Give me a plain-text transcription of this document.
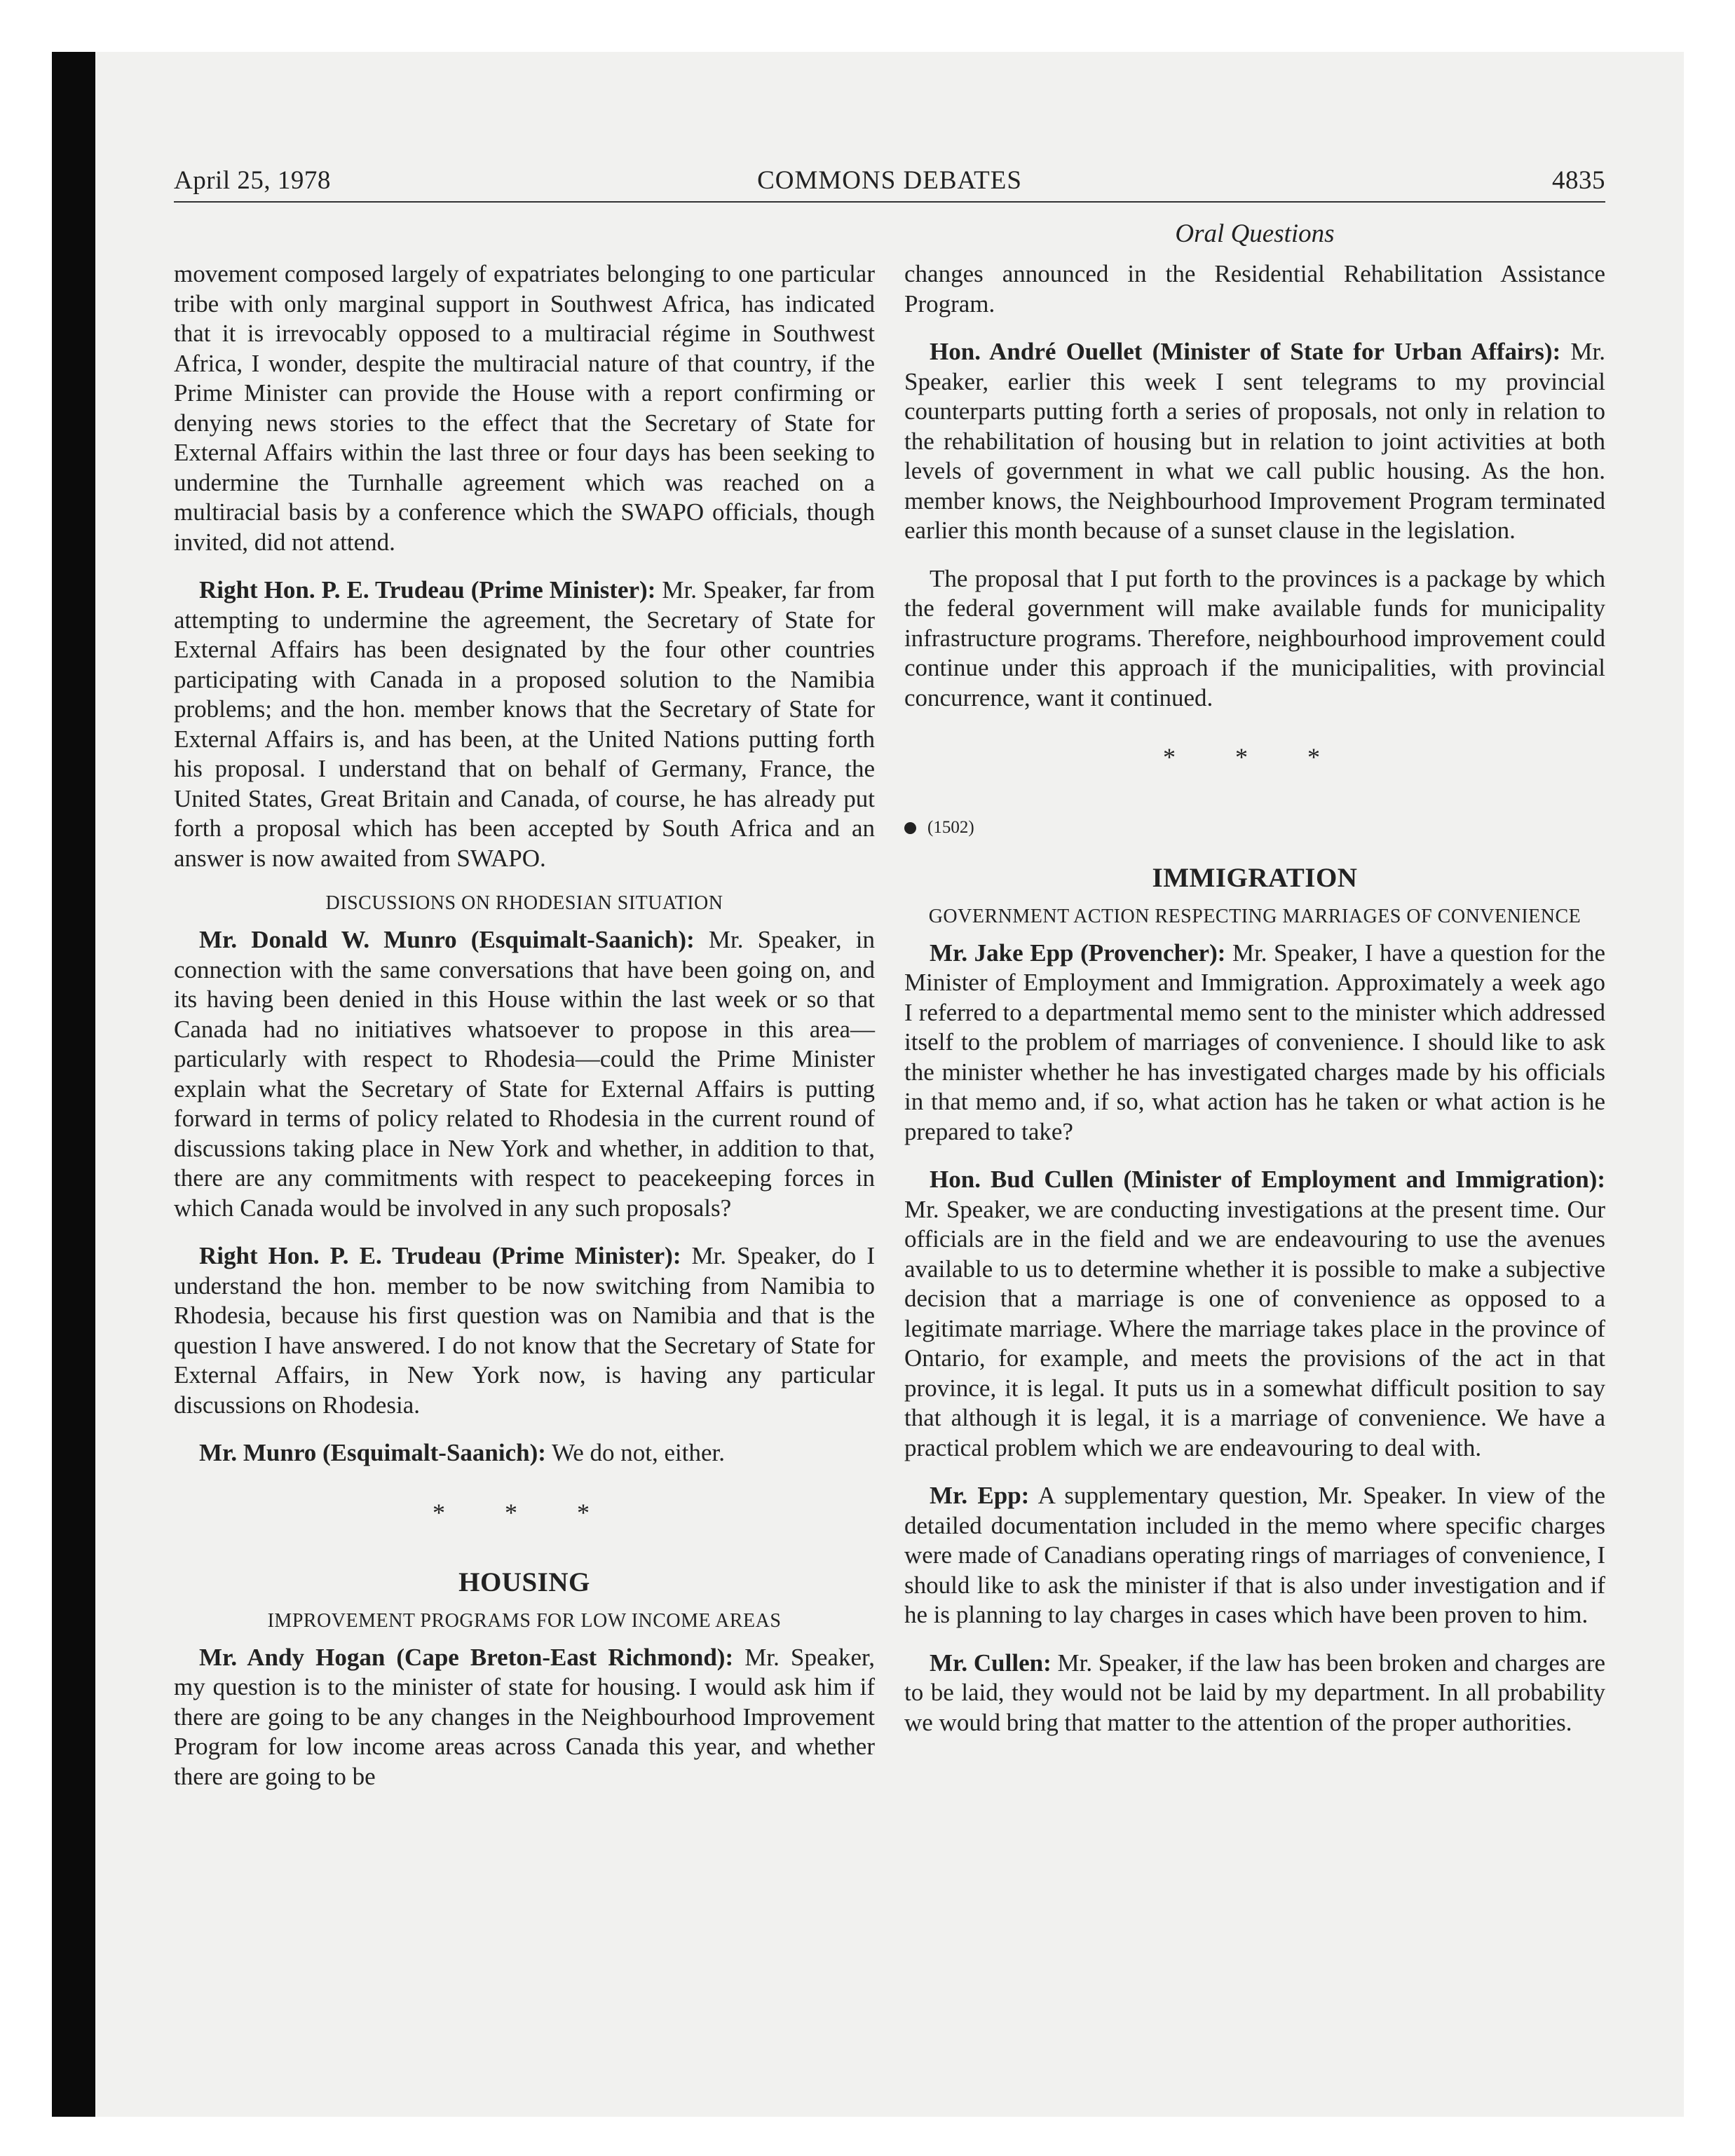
April 25, 1978	COMMONS DEBATES	4835
Oral Questions

movement composed largely of expatriates belonging to one particular tribe with only marginal support in Southwest Africa, has indicated that it is irrevocably opposed to a multiracial régime in Southwest Africa, I wonder, despite the multiracial nature of that country, if the Prime Minister can provide the House with a report confirming or denying news stories to the effect that the Secretary of State for External Affairs within the last three or four days has been seeking to undermine the Turnhalle agreement which was reached on a multiracial basis by a conference which the SWAPO officials, though invited, did not attend.

Right Hon. P. E. Trudeau (Prime Minister): Mr. Speaker, far from attempting to undermine the agreement, the Secretary of State for External Affairs has been designated by the four other countries participating with Canada in a proposed solution to the Namibia problems; and the hon. member knows that the Secretary of State for External Affairs is, and has been, at the United Nations putting forth his proposal. I understand that on behalf of Germany, France, the United States, Great Britain and Canada, of course, he has already put forth a proposal which has been accepted by South Africa and an answer is now awaited from SWAPO.

DISCUSSIONS ON RHODESIAN SITUATION

Mr. Donald W. Munro (Esquimalt-Saanich): Mr. Speaker, in connection with the same conversations that have been going on, and its having been denied in this House within the last week or so that Canada had no initiatives whatsoever to propose in this area—particularly with respect to Rhodesia—could the Prime Minister explain what the Secretary of State for External Affairs is putting forward in terms of policy related to Rhodesia in the current round of discussions taking place in New York and whether, in addition to that, there are any commitments with respect to peacekeeping forces in which Canada would be involved in any such proposals?

Right Hon. P. E. Trudeau (Prime Minister): Mr. Speaker, do I understand the hon. member to be now switching from Namibia to Rhodesia, because his first question was on Namibia and that is the question I have answered. I do not know that the Secretary of State for External Affairs, in New York now, is having any particular discussions on Rhodesia.

Mr. Munro (Esquimalt-Saanich): We do not, either.

* * *
HOUSING
IMPROVEMENT PROGRAMS FOR LOW INCOME AREAS

Mr. Andy Hogan (Cape Breton-East Richmond): Mr. Speaker, my question is to the minister of state for housing. I would ask him if there are going to be any changes in the Neighbourhood Improvement Program for low income areas across Canada this year, and whether there are going to be

changes announced in the Residential Rehabilitation Assistance Program.

Hon. André Ouellet (Minister of State for Urban Affairs): Mr. Speaker, earlier this week I sent telegrams to my provincial counterparts putting forth a series of proposals, not only in relation to the rehabilitation of housing but in relation to joint activities at both levels of government in what we call public housing. As the hon. member knows, the Neighbourhood Improvement Program terminated earlier this month because of a sunset clause in the legislation.

The proposal that I put forth to the provinces is a package by which the federal government will make available funds for municipality infrastructure programs. Therefore, neighbourhood improvement could continue under this approach if the municipalities, with provincial concurrence, want it continued.

* * *
(1502)
IMMIGRATION
GOVERNMENT ACTION RESPECTING MARRIAGES OF CONVENIENCE

Mr. Jake Epp (Provencher): Mr. Speaker, I have a question for the Minister of Employment and Immigration. Approximately a week ago I referred to a departmental memo sent to the minister which addressed itself to the problem of marriages of convenience. I should like to ask the minister whether he has investigated charges made by his officials in that memo and, if so, what action has he taken or what action is he prepared to take?

Hon. Bud Cullen (Minister of Employment and Immigration): Mr. Speaker, we are conducting investigations at the present time. Our officials are in the field and we are endeavouring to use the avenues available to us to determine whether it is possible to make a subjective decision that a marriage is one of convenience as opposed to a legitimate marriage. Where the marriage takes place in the province of Ontario, for example, and meets the provisions of the act in that province, it is legal. It puts us in a somewhat difficult position to say that although it is legal, it is a marriage of convenience. We have a practical problem which we are endeavouring to deal with.

Mr. Epp: A supplementary question, Mr. Speaker. In view of the detailed documentation included in the memo where specific charges were made of Canadians operating rings of marriages of convenience, I should like to ask the minister if that is also under investigation and if he is planning to lay charges in cases which have been proven to him.

Mr. Cullen: Mr. Speaker, if the law has been broken and charges are to be laid, they would not be laid by my department. In all probability we would bring that matter to the attention of the proper authorities.
